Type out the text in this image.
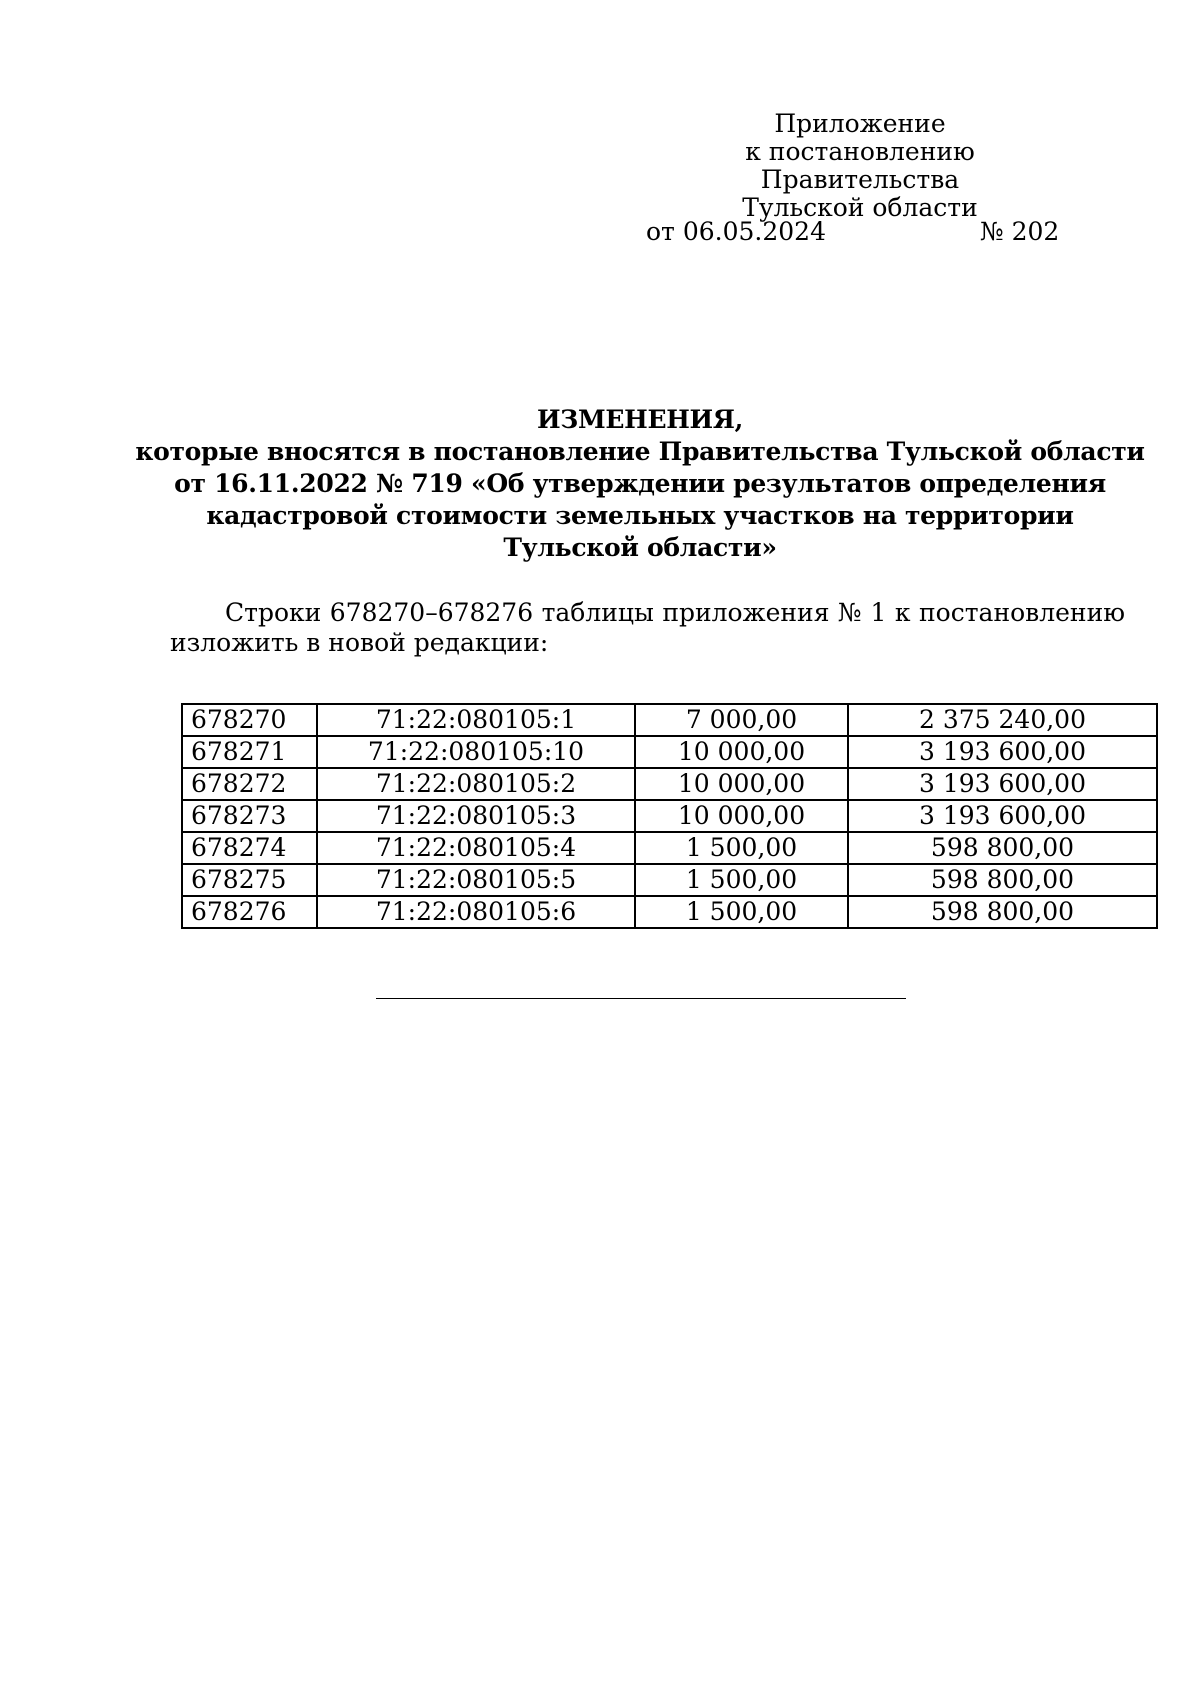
Приложение
к постановлению Правительства
Тульской области
от 06.05.2024	№ 202
ИЗМЕНЕНИЯ,
которые вносятся в постановление Правительства Тульской области
от 16.11.2022 № 719 «Об утверждении результатов определения
кадастровой стоимости земельных участков на территории
Тульской области»
Строки 678270–678276 таблицы приложения № 1 к постановлению изложить в новой редакции:
678270	71:22:080105:1	7 000,00	2 375 240,00
678271	71:22:080105:10	10 000,00	3 193 600,00
678272	71:22:080105:2	10 000,00	3 193 600,00
678273	71:22:080105:3	10 000,00	3 193 600,00
678274	71:22:080105:4	1 500,00	598 800,00
678275	71:22:080105:5	1 500,00	598 800,00
678276	71:22:080105:6	1 500,00	598 800,00
